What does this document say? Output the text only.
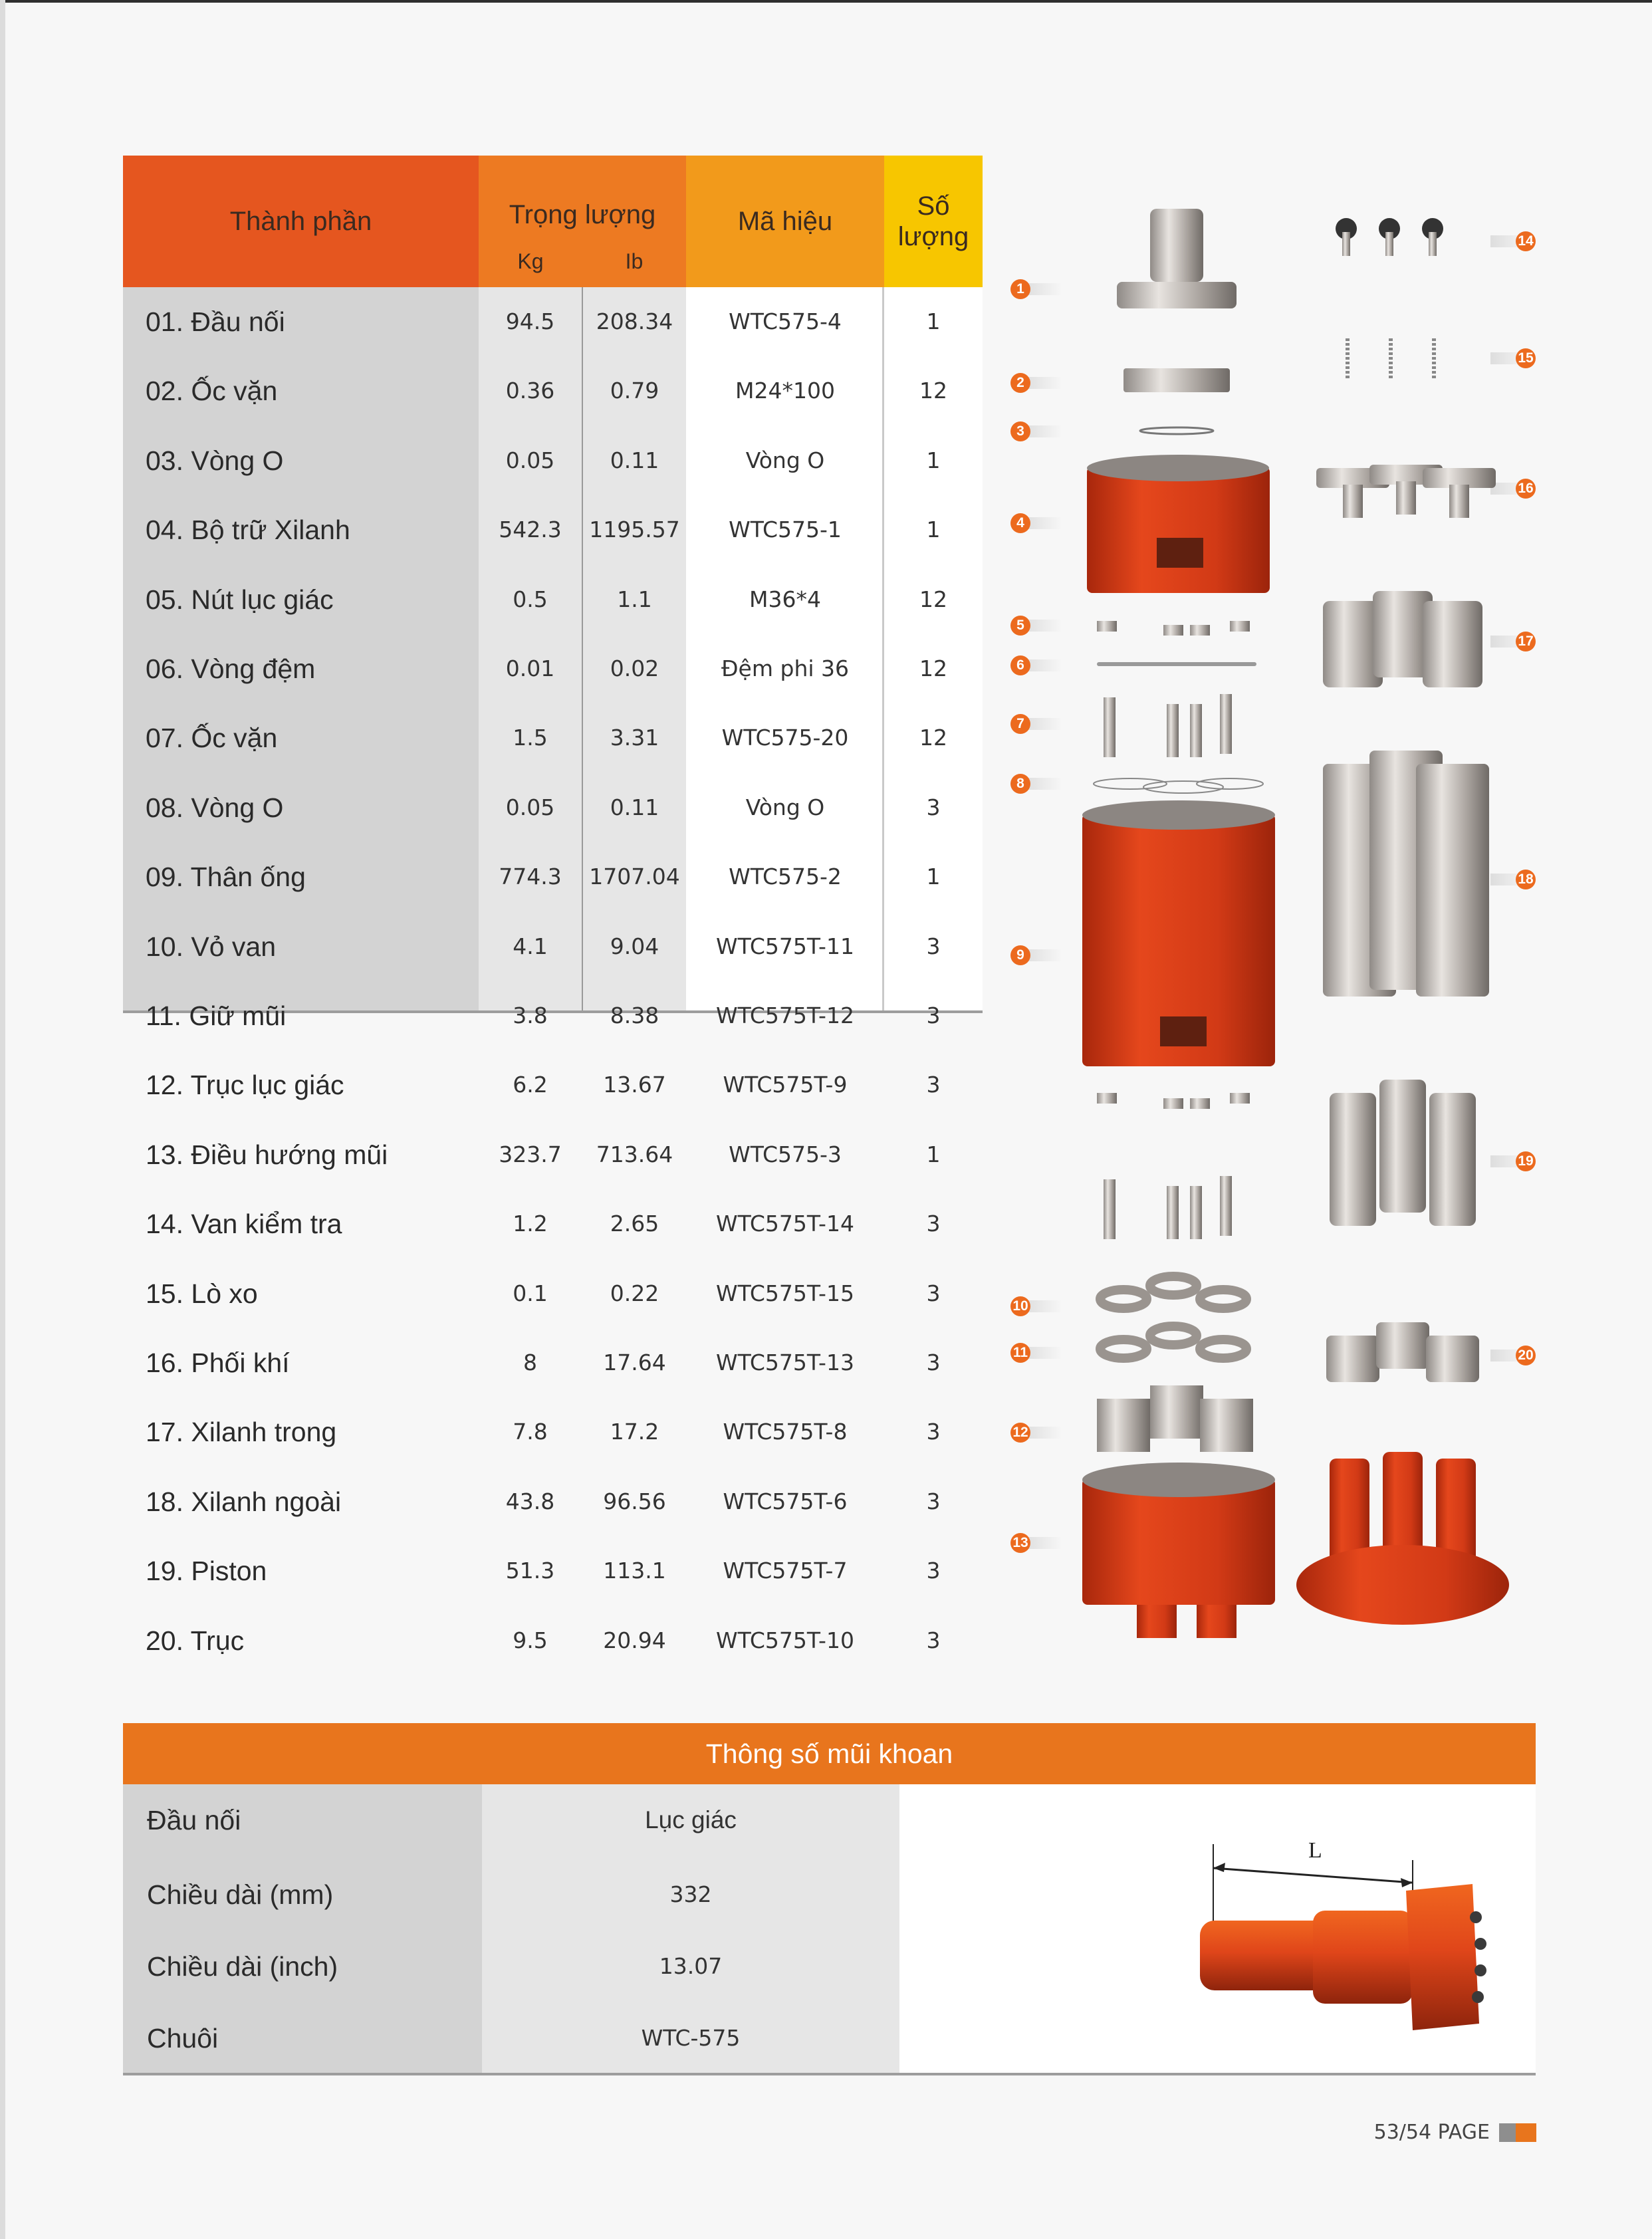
Thành phần	Trọng lượng
Kg	Ib
Mã hiệu
Số lượng
01. Đầu nối	94.5	208.34	WTC575-4	1
02. Ốc vặn	0.36	0.79	M24*100	12
03. Vòng O	0.05	0.11	Vòng O	1
04. Bộ trữ Xilanh	542.3	1195.57	WTC575-1	1
05. Nút lục giác	0.5	1.1	M36*4	12
06. Vòng đệm	0.01	0.02	Đệm phi 36	12
07. Ốc vặn	1.5	3.31	WTC575-20	12
08. Vòng O	0.05	0.11	Vòng O	3
09. Thân ống	774.3	1707.04	WTC575-2	1
10. Vỏ van	4.1	9.04	WTC575T-11	3
11. Giữ mũi	3.8	8.38	WTC575T-12	3
12. Trục lục giác	6.2	13.67	WTC575T-9	3
13. Điều hướng mũi	323.7	713.64	WTC575-3	1
14. Van kiểm tra	1.2	2.65	WTC575T-14	3
15. Lò xo	0.1	0.22	WTC575T-15	3
16. Phối khí	8	17.64	WTC575T-13	3
17. Xilanh trong	7.8	17.2	WTC575T-8	3
18. Xilanh ngoài	43.8	96.56	WTC575T-6	3
19. Piston	51.3	113.1	WTC575T-7	3
20. Trục	9.5	20.94	WTC575T-10	3
1
2
3
4
5
6
7
8
9
10
11
12
13
14
15
16
17
18
19
20
Thông số mũi khoan
Đầu nối	Lục giác
Chiều dài (mm)	332
Chiều dài (inch)	13.07
Chuôi	WTC-575
L
53/54 PAGE
